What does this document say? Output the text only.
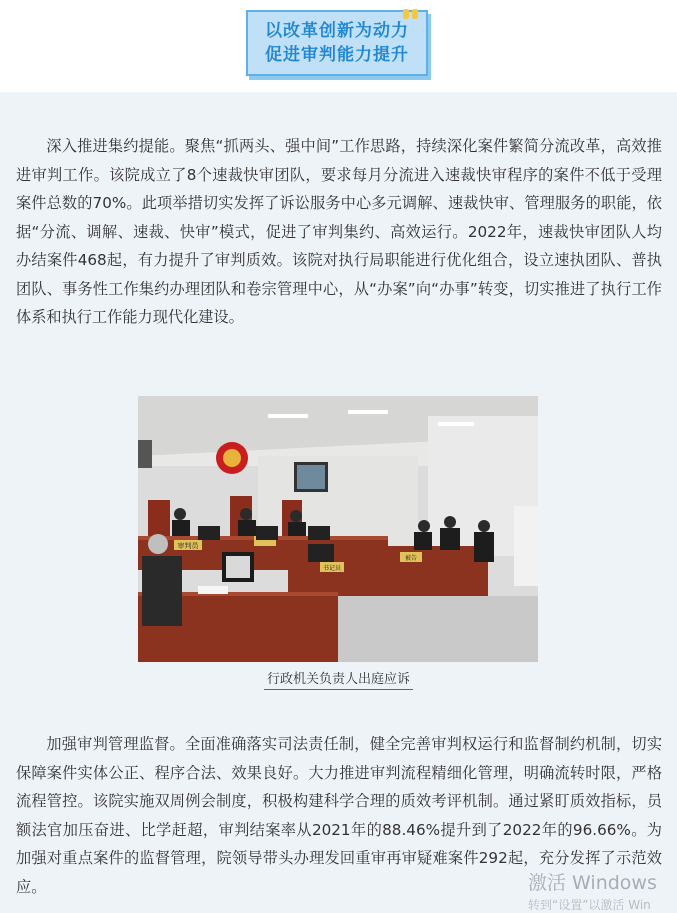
以改革创新为动力
促进审判能力提升

深入推进集约提能。聚焦“抓两头、强中间”工作思路，持续深化案件繁简分流改革，高效推进审判工作。该院成立了8个速裁快审团队，要求每月分流进入速裁快审程序的案件不低于受理案件总数的70%。此项举措切实发挥了诉讼服务中心多元调解、速裁快审、管理服务的职能，依据“分流、调解、速裁、快审”模式，促进了审判集约、高效运行。2022年，速裁快审团队人均办结案件468起，有力提升了审判质效。该院对执行局职能进行优化组合，设立速执团队、普执团队、事务性工作集约办理团队和卷宗管理中心，从“办案”向“办事”转变，切实推进了执行工作体系和执行工作能力现代化建设。

审判员
书记员
被告
行政机关负责人出庭应诉

加强审判管理监督。全面准确落实司法责任制，健全完善审判权运行和监督制约机制，切实保障案件实体公正、程序合法、效果良好。大力推进审判流程精细化管理，明确流转时限，严格流程管控。该院实施双周例会制度，积极构建科学合理的质效考评机制。通过紧盯质效指标，员额法官加压奋进、比学赶超，审判结案率从2021年的88.46%提升到了2022年的96.66%。为加强对重点案件的监督管理，院领导带头办理发回重审再审疑难案件292起，充分发挥了示范效应。	激活 Windows
转到“设置”以激活 Win
